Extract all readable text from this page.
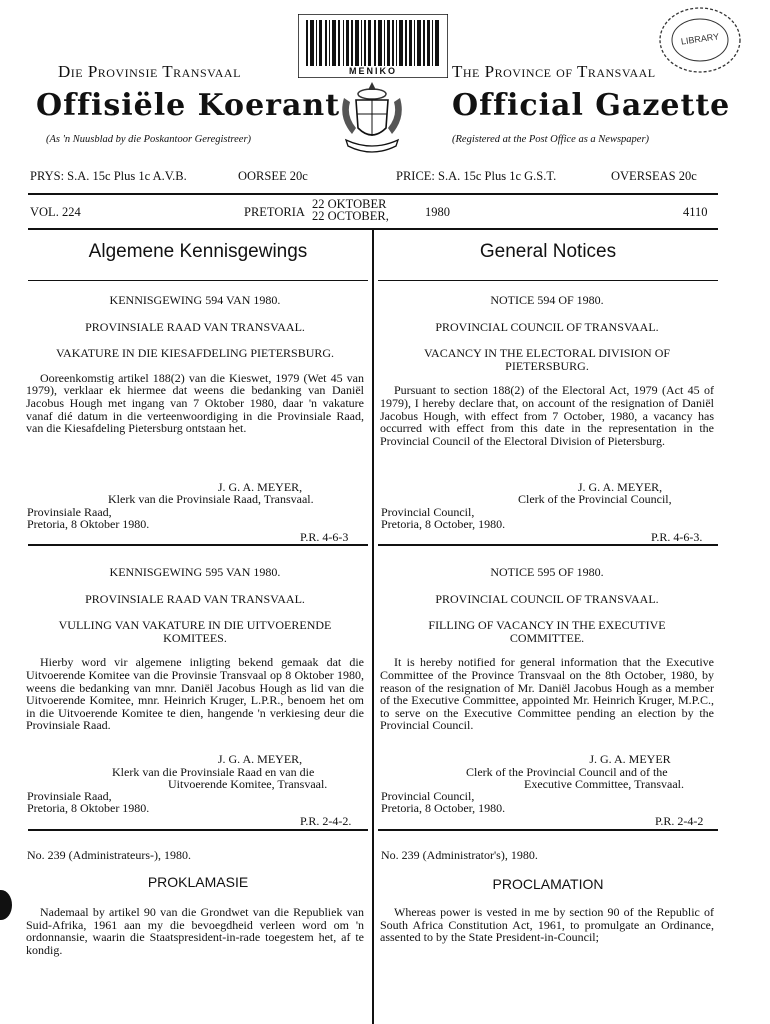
MENIKO
LIBRARY
Die Provinsie Transvaal	The Province of Transvaal
Offisiële Koerant	Official Gazette
(As 'n Nuusblad by die Poskantoor Geregistreer)	(Registered at the Post Office as a Newspaper)
PRYS: S.A. 15c Plus 1c A.V.B.	OORSEE 20c	PRICE: S.A. 15c Plus 1c G.S.T.	OVERSEAS 20c
VOL. 224	PRETORIA
22 OKTOBER
22 OCTOBER,	1980	4110
Algemene Kennisgewings	General Notices

KENNISGEWING 594 VAN 1980.

PROVINSIALE RAAD VAN TRANSVAAL.

VAKATURE IN DIE KIESAFDELING PIETERSBURG.

Ooreenkomstig artikel 188(2) van die Kieswet, 1979 (Wet 45 van 1979), verklaar ek hiermee dat weens die bedanking van Daniël Jacobus Hough met ingang van 7 Oktober 1980, daar 'n vakature vanaf dié datum in die verteenwoordiging in die Provinsiale Raad, van die Kiesafdeling Pietersburg ontstaan het.

J. G. A. MEYER,
Klerk van die Provinsiale Raad, Transvaal.
Provinsiale Raad,
Pretoria, 8 Oktober 1980.
P.R. 4-6-3

NOTICE 594 OF 1980.

PROVINCIAL COUNCIL OF TRANSVAAL.

VACANCY IN THE ELECTORAL DIVISION OF PIETERSBURG.

Pursuant to section 188(2) of the Electoral Act, 1979 (Act 45 of 1979), I hereby declare that, on account of the resignation of Daniël Jacobus Hough, with effect from 7 October, 1980, a vacancy has occurred with effect from this date in the representation in the Provincial Council of the Electoral Division of Pietersburg.

J. G. A. MEYER,
Clerk of the Provincial Council,
Provincial Council,
Pretoria, 8 October, 1980.
P.R. 4-6-3.

KENNISGEWING 595 VAN 1980.

PROVINSIALE RAAD VAN TRANSVAAL.

VULLING VAN VAKATURE IN DIE UITVOERENDE KOMITEES.

Hierby word vir algemene inligting bekend gemaak dat die Uitvoerende Komitee van die Provinsie Transvaal op 8 Oktober 1980, weens die bedanking van mnr. Daniël Jacobus Hough as lid van die Uitvoerende Komitee, mnr. Heinrich Kruger, L.P.R., benoem het om in die Uitvoerende Komitee te dien, hangende 'n verkiesing deur die Provinsiale Raad.

J. G. A. MEYER,
Klerk van die Provinsiale Raad en van die
Uitvoerende Komitee, Transvaal.
Provinsiale Raad,
Pretoria, 8 Oktober 1980.
P.R. 2-4-2.

NOTICE 595 OF 1980.

PROVINCIAL COUNCIL OF TRANSVAAL.

FILLING OF VACANCY IN THE EXECUTIVE COMMITTEE.

It is hereby notified for general information that the Executive Committee of the Province Transvaal on the 8th October, 1980, by reason of the resignation of Mr. Daniël Jacobus Hough as a member of the Executive Committee, appointed Mr. Heinrich Kruger, M.P.C., to serve on the Executive Committee pending an election by the Provincial Council.

J. G. A. MEYER
Clerk of the Provincial Council and of the
Executive Committee, Transvaal.
Provincial Council,
Pretoria, 8 October, 1980.
P.R. 2-4-2
No. 239 (Administrateurs-), 1980.	No. 239 (Administrator's), 1980.
PROKLAMASIE	PROCLAMATION

Nademaal by artikel 90 van die Grondwet van die Republiek van Suid-Afrika, 1961 aan my die bevoegdheid verleen word om 'n ordonnansie, waarin die Staatspresident-in-rade toegestem het, af te kondig.

Whereas power is vested in me by section 90 of the Republic of South Africa Constitution Act, 1961, to promulgate an Ordinance, assented to by the State President-in-Council;
